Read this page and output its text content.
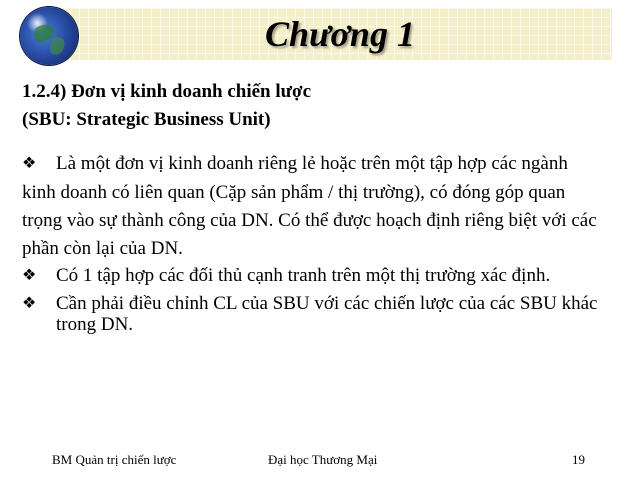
Chương 1
1.2.4) Đơn vị kinh doanh chiến lược
(SBU: Strategic Business Unit)

❖ Là một đơn vị kinh doanh riêng lẻ hoặc trên một tập hợp các ngành kinh doanh có liên quan (Cặp sản phẩm / thị trường), có đóng góp quan trọng vào sự thành công của DN. Có thể được hoạch định riêng biệt với các phần còn lại của DN.

❖	Có 1 tập hợp các đối thủ cạnh tranh trên một thị trường xác định.
❖	Cần phải điều chỉnh CL của SBU với các chiến lược của các SBU khác trong DN.
BM Quản trị chiến lược	Đại học Thương Mại	19
